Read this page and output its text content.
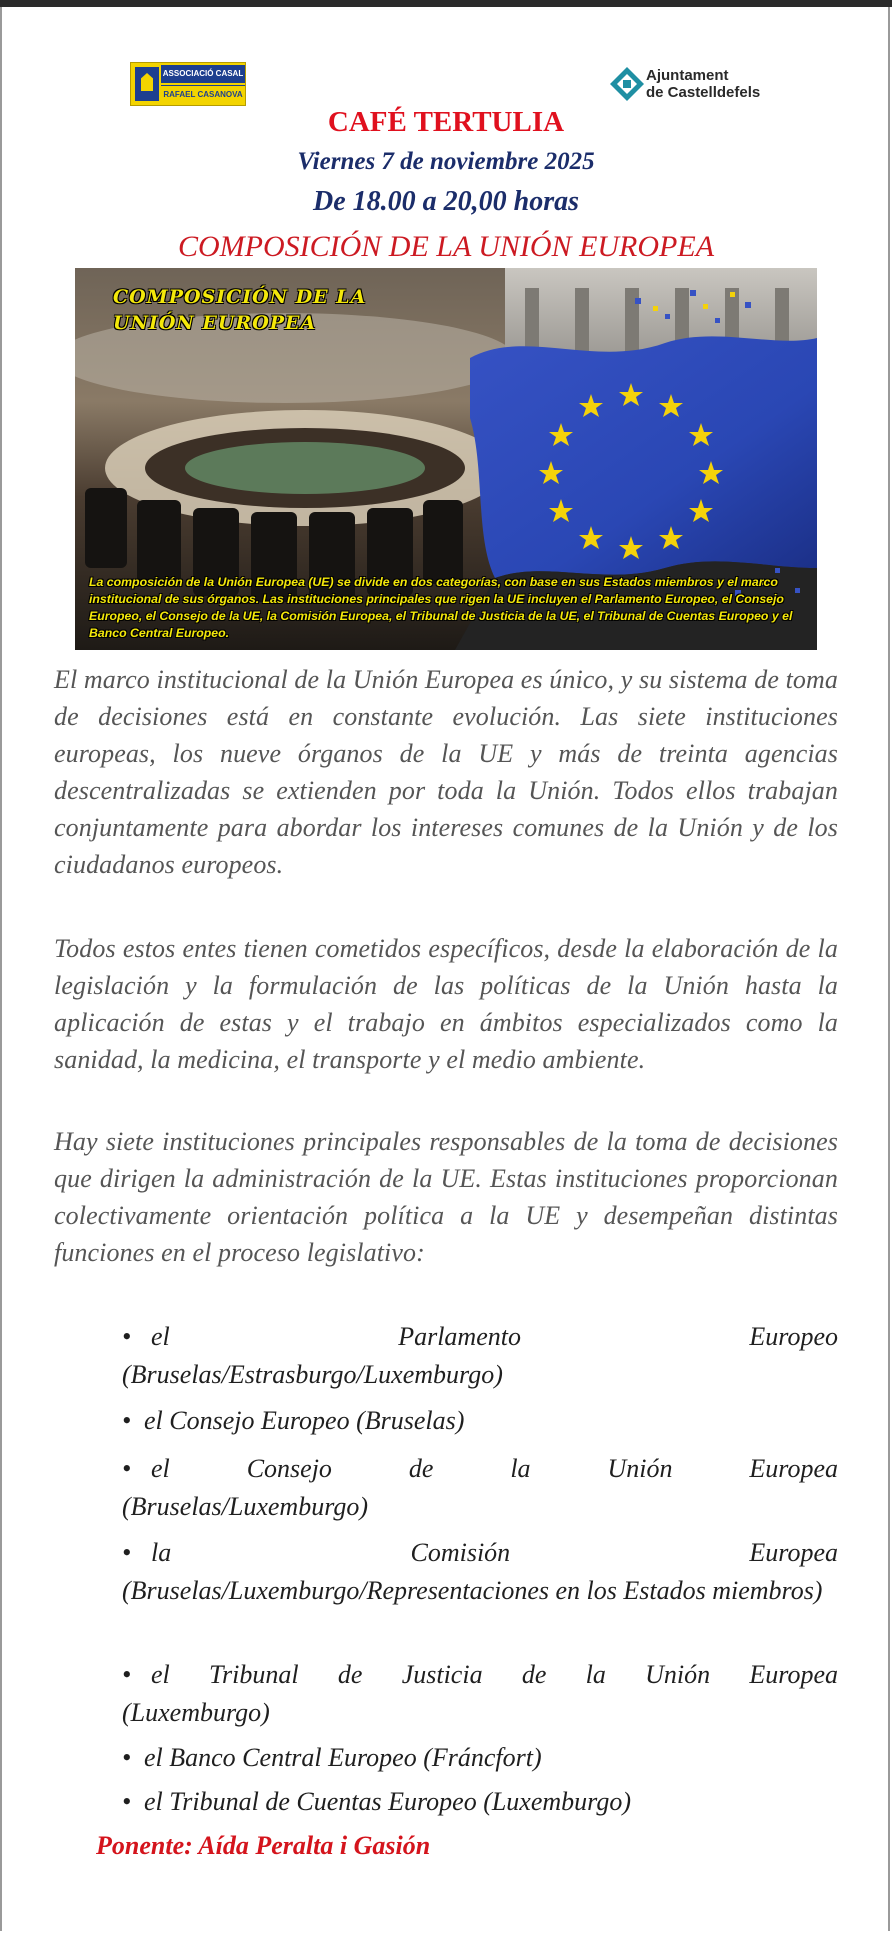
ASSOCIACIÓ CASAL
RAFAEL CASANOVA
Ajuntament
de Castelldefels
CAFÉ TERTULIA
Viernes 7 de noviembre 2025
De 18.00 a 20,00 horas
COMPOSICIÓN DE LA UNIÓN EUROPEA
COMPOSICIÓN DE LA
UNIÓN EUROPEA
La composición de la Unión Europea (UE) se divide en dos categorías, con base en sus Estados miembros y el marco institucional de sus órganos. Las instituciones principales que rigen la UE incluyen el Parlamento Europeo, el Consejo Europeo, el Consejo de la UE, la Comisión Europea, el Tribunal de Justicia de la UE, el Tribunal de Cuentas Europeo y el Banco Central Europeo.
El marco institucional de la Unión Europea es único, y su sistema de toma de decisiones está en constante evolución. Las siete instituciones europeas, los nueve órganos de la UE y más de treinta agencias descentralizadas se extienden por toda la Unión. Todos ellos trabajan conjuntamente para abordar los intereses comunes de la Unión y de los ciudadanos europeos.
Todos estos entes tienen cometidos específicos, desde la elaboración de la legislación y la formulación de las políticas de la Unión hasta la aplicación de estas y el trabajo en ámbitos especializados como la sanidad, la medicina, el transporte y el medio ambiente.
Hay siete instituciones principales responsables de la toma de decisiones que dirigen la administración de la UE. Estas instituciones proporcionan colectivamente orientación política a la UE y desempeñan distintas funciones en el proceso legislativo:
• el Parlamento Europeo
(Bruselas/Estrasburgo/Luxemburgo)
• el Consejo Europeo (Bruselas)
• el Consejo de la Unión Europea
(Bruselas/Luxemburgo)
• la Comisión Europea
(Bruselas/Luxemburgo/Representaciones en los Estados miembros)
• el Tribunal de Justicia de la Unión Europea
(Luxemburgo)
• el Banco Central Europeo (Fráncfort)
• el Tribunal de Cuentas Europeo (Luxemburgo)
Ponente: Aída Peralta i Gasión
